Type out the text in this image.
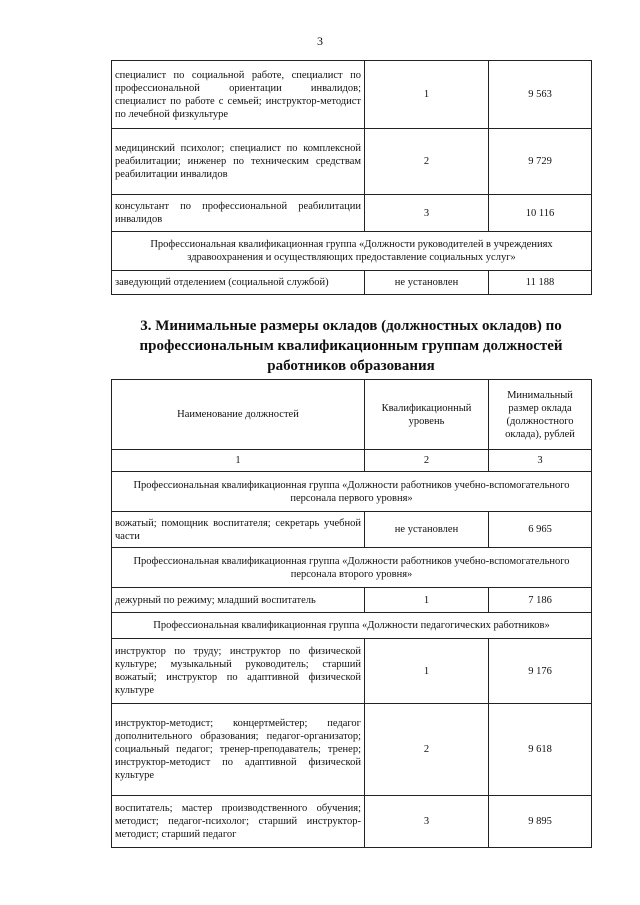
3
специалист по социальной работе, специалист по профессиональной ориентации инвалидов; специалист по работе с семьей; инструктор-методист по лечебной физкультуре	1	9 563
медицинский психолог; специалист по комплексной реабилитации; инженер по техническим средствам реабилитации инвалидов	2	9 729
консультант по профессиональной реабилитации инвалидов	3	10 116
Профессиональная квалификационная группа «Должности руководителей в учреждениях здравоохранения и осуществляющих предоставление социальных услуг»		
заведующий отделением (социальной службой)	не установлен	11 188
3. Минимальные размеры окладов (должностных окладов) по профессиональным квалификационным группам должностей работников образования
Наименование должностей	Квалификационный уровень	Минимальный размер оклада (должностного оклада), рублей
1	2	3
Профессиональная квалификационная группа «Должности работников учебно-вспомогательного персонала первого уровня»		
вожатый; помощник воспитателя; секретарь учебной части	не установлен	6 965
Профессиональная квалификационная группа «Должности работников учебно-вспомогательного персонала второго уровня»		
дежурный по режиму; младший воспитатель	1	7 186
Профессиональная квалификационная группа «Должности педагогических работников»		
инструктор по труду; инструктор по физической культуре; музыкальный руководитель; старший вожатый; инструктор по адаптивной физической культуре	1	9 176
инструктор-методист; концертмейстер; педагог дополнительного образования; педагог-организатор; социальный педагог; тренер-преподаватель; тренер; инструктор-методист по адаптивной физической культуре	2	9 618
воспитатель; мастер производственного обучения; методист; педагог-психолог; старший инструктор-методист; старший педагог	3	9 895
